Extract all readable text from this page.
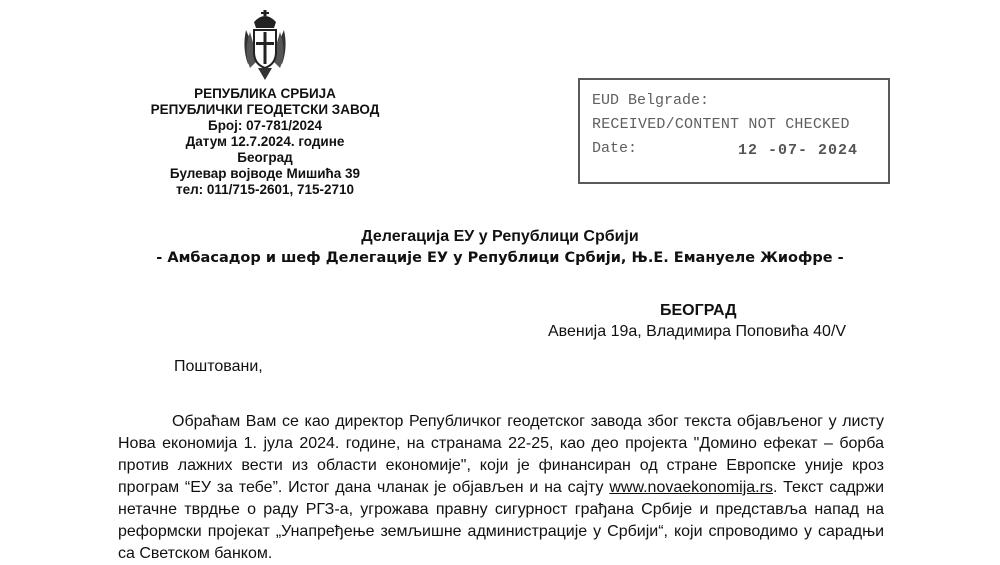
РЕПУБЛИКА СРБИЈА
РЕПУБЛИЧКИ ГЕОДЕТСКИ ЗАВОД
Број: 07-781/2024
Датум 12.7.2024. године
Београд
Булевар војводе Мишића 39
тел: 011/715-2601, 715-2710
EUD Belgrade:
RECEIVED/CONTENT NOT CHECKED
Date:	12 -07- 2024
Делегација ЕУ у Републици Србији
- Амбасадор и шеф Делегације ЕУ у Републици Србији, Њ.Е. Емануеле Жиофре -
БЕОГРАД
Авенија 19а, Владимира Поповића 40/V
Поштовани,
Обраћам Вам се као директор Републичког геодетског завода због текста објављеног у листу Нова економија 1. јула 2024. године, на странама 22-25, као део пројекта "Домино ефекат – борба против лажних вести из области економије", који је финансиран од стране Европске уније кроз програм “ЕУ за тебе”. Истог дана чланак је објављен и на сајту www.novaekonomija.rs. Текст садржи нетачне тврдње о раду РГЗ-а, угрожава правну сигурност грађана Србије и представља напад на реформски пројекат „Унапређење земљишне администрације у Србији“, који спроводимо у сарадњи са Светском банком.
